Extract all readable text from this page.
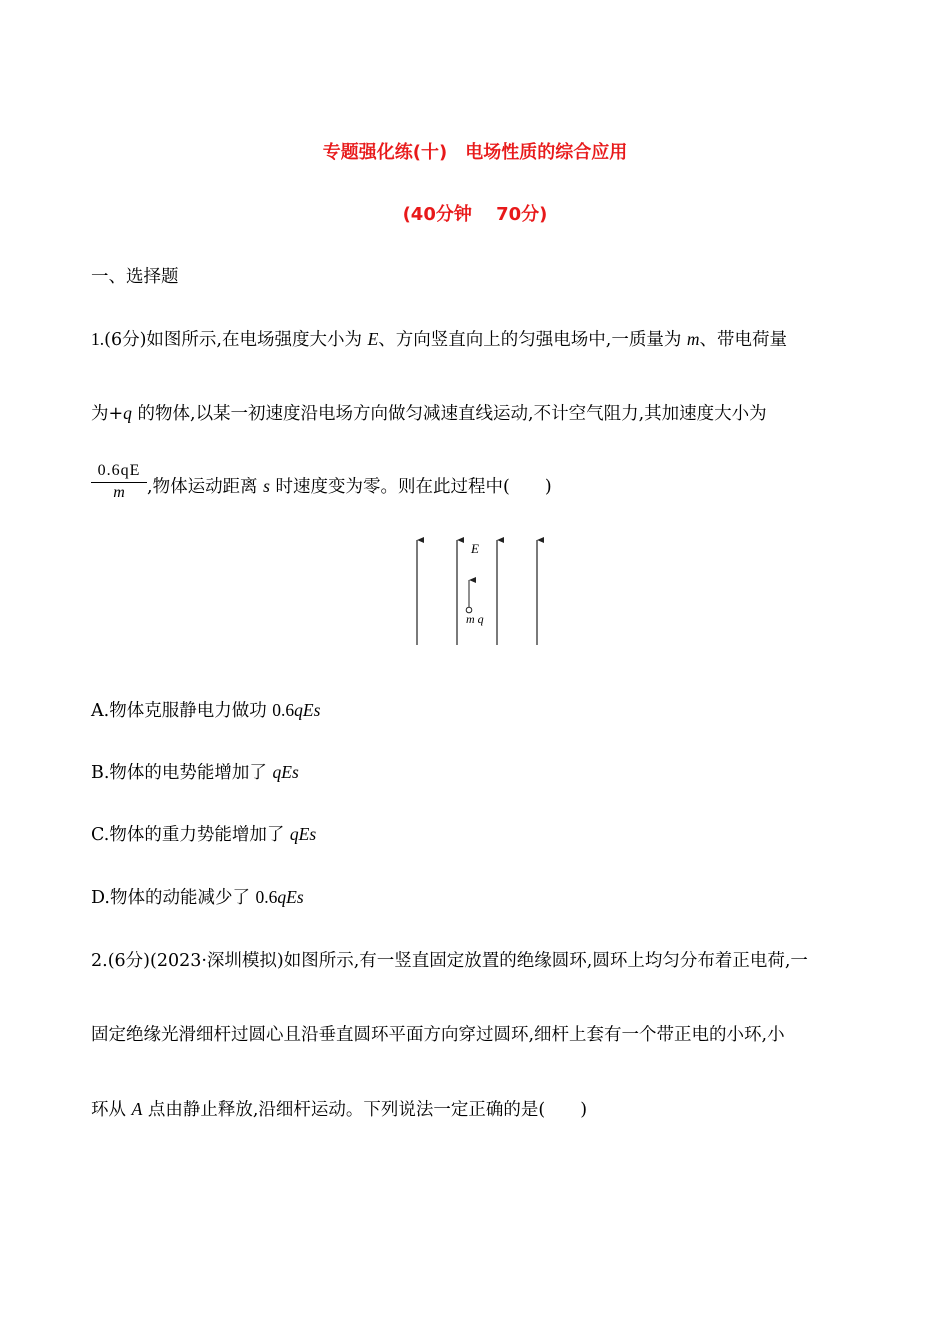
专题强化练(十)　电场性质的综合应用
(40分钟　 70分)
一、选择题
1.(6分)如图所示,在电场强度大小为 E、方向竖直向上的匀强电场中,一质量为 m、带电荷量
为+q 的物体,以某一初速度沿电场方向做匀减速直线运动,不计空气阻力,其加速度大小为
$\frac{0.6qE}{m}$ ,物体运动距离 s 时速度变为零。则在此过程中(　　)
E
m q
A.物体克服静电力做功 0.6qEs
B.物体的电势能增加了 qEs
C.物体的重力势能增加了 qEs
D.物体的动能减少了 0.6qEs
2.(6分)(2023·深圳模拟)如图所示,有一竖直固定放置的绝缘圆环,圆环上均匀分布着正电荷,一
固定绝缘光滑细杆过圆心且沿垂直圆环平面方向穿过圆环,细杆上套有一个带正电的小环,小
环从 A 点由静止释放,沿细杆运动。下列说法一定正确的是(　　)
